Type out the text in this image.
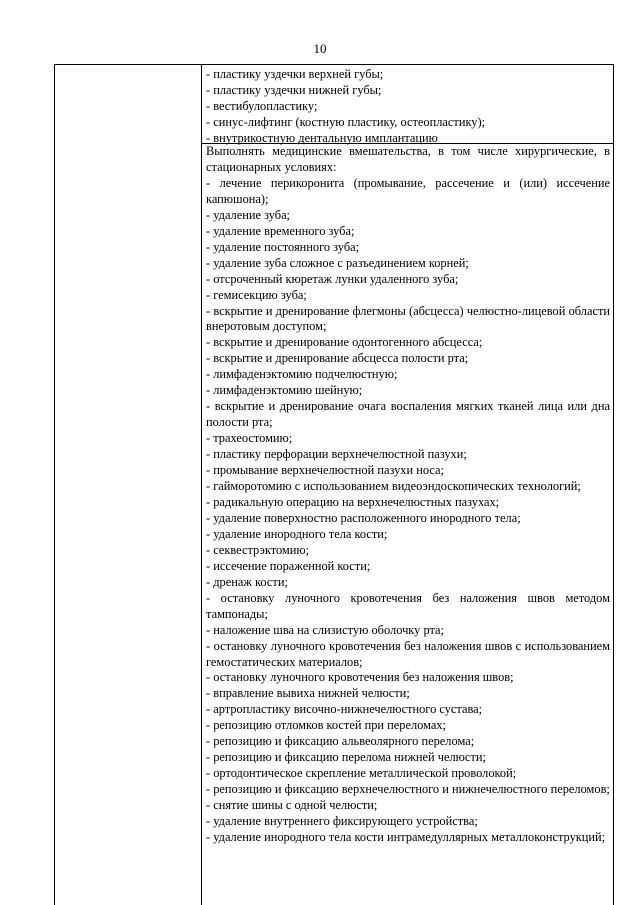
10

- пластику уздечки верхней губы;

- пластику уздечки нижней губы;

- вестибулопластику;

- синус-лифтинг (костную пластику, остеопластику);

- внутрикостную дентальную имплантацию

Выполнять медицинские вмешательства, в том числе хирургические, в стационарных условиях:

- лечение перикоронита (промывание, рассечение и (или) иссечение капюшона);

- удаление зуба;

- удаление временного зуба;

- удаление постоянного зуба;

- удаление зуба сложное с разъединением корней;

- отсроченный кюретаж лунки удаленного зуба;

- гемисекцию зуба;

- вскрытие и дренирование флегмоны (абсцесса) челюстно-лицевой области внеротовым доступом;

- вскрытие и дренирование одонтогенного абсцесса;

- вскрытие и дренирование абсцесса полости рта;

- лимфаденэктомию подчелюстную;

- лимфаденэктомию шейную;

- вскрытие и дренирование очага воспаления мягких тканей лица или дна полости рта;

- трахеостомию;

- пластику перфорации верхнечелюстной пазухи;

- промывание верхнечелюстной пазухи носа;

- гайморотомию с использованием видеоэндоскопических технологий;

- радикальную операцию на верхнечелюстных пазухах;

- удаление поверхностно расположенного инородного тела;

- удаление инородного тела кости;

- секвестрэктомию;

- иссечение пораженной кости;

- дренаж кости;

- остановку луночного кровотечения без наложения швов методом тампонады;

- наложение шва на слизистую оболочку рта;

- остановку луночного кровотечения без наложения швов с использованием гемостатических материалов;

- остановку луночного кровотечения без наложения швов;

- вправление вывиха нижней челюсти;

- артропластику височно-нижнечелюстного сустава;

- репозицию отломков костей при переломах;

- репозицию и фиксацию альвеолярного перелома;

- репозицию и фиксацию перелома нижней челюсти;

- ортодонтическое скрепление металлической проволокой;

- репозицию и фиксацию верхнечелюстного и нижнечелюстного переломов;

- снятие шины с одной челюсти;

- удаление внутреннего фиксирующего устройства;

- удаление инородного тела кости интрамедуллярных металлоконструкций;
